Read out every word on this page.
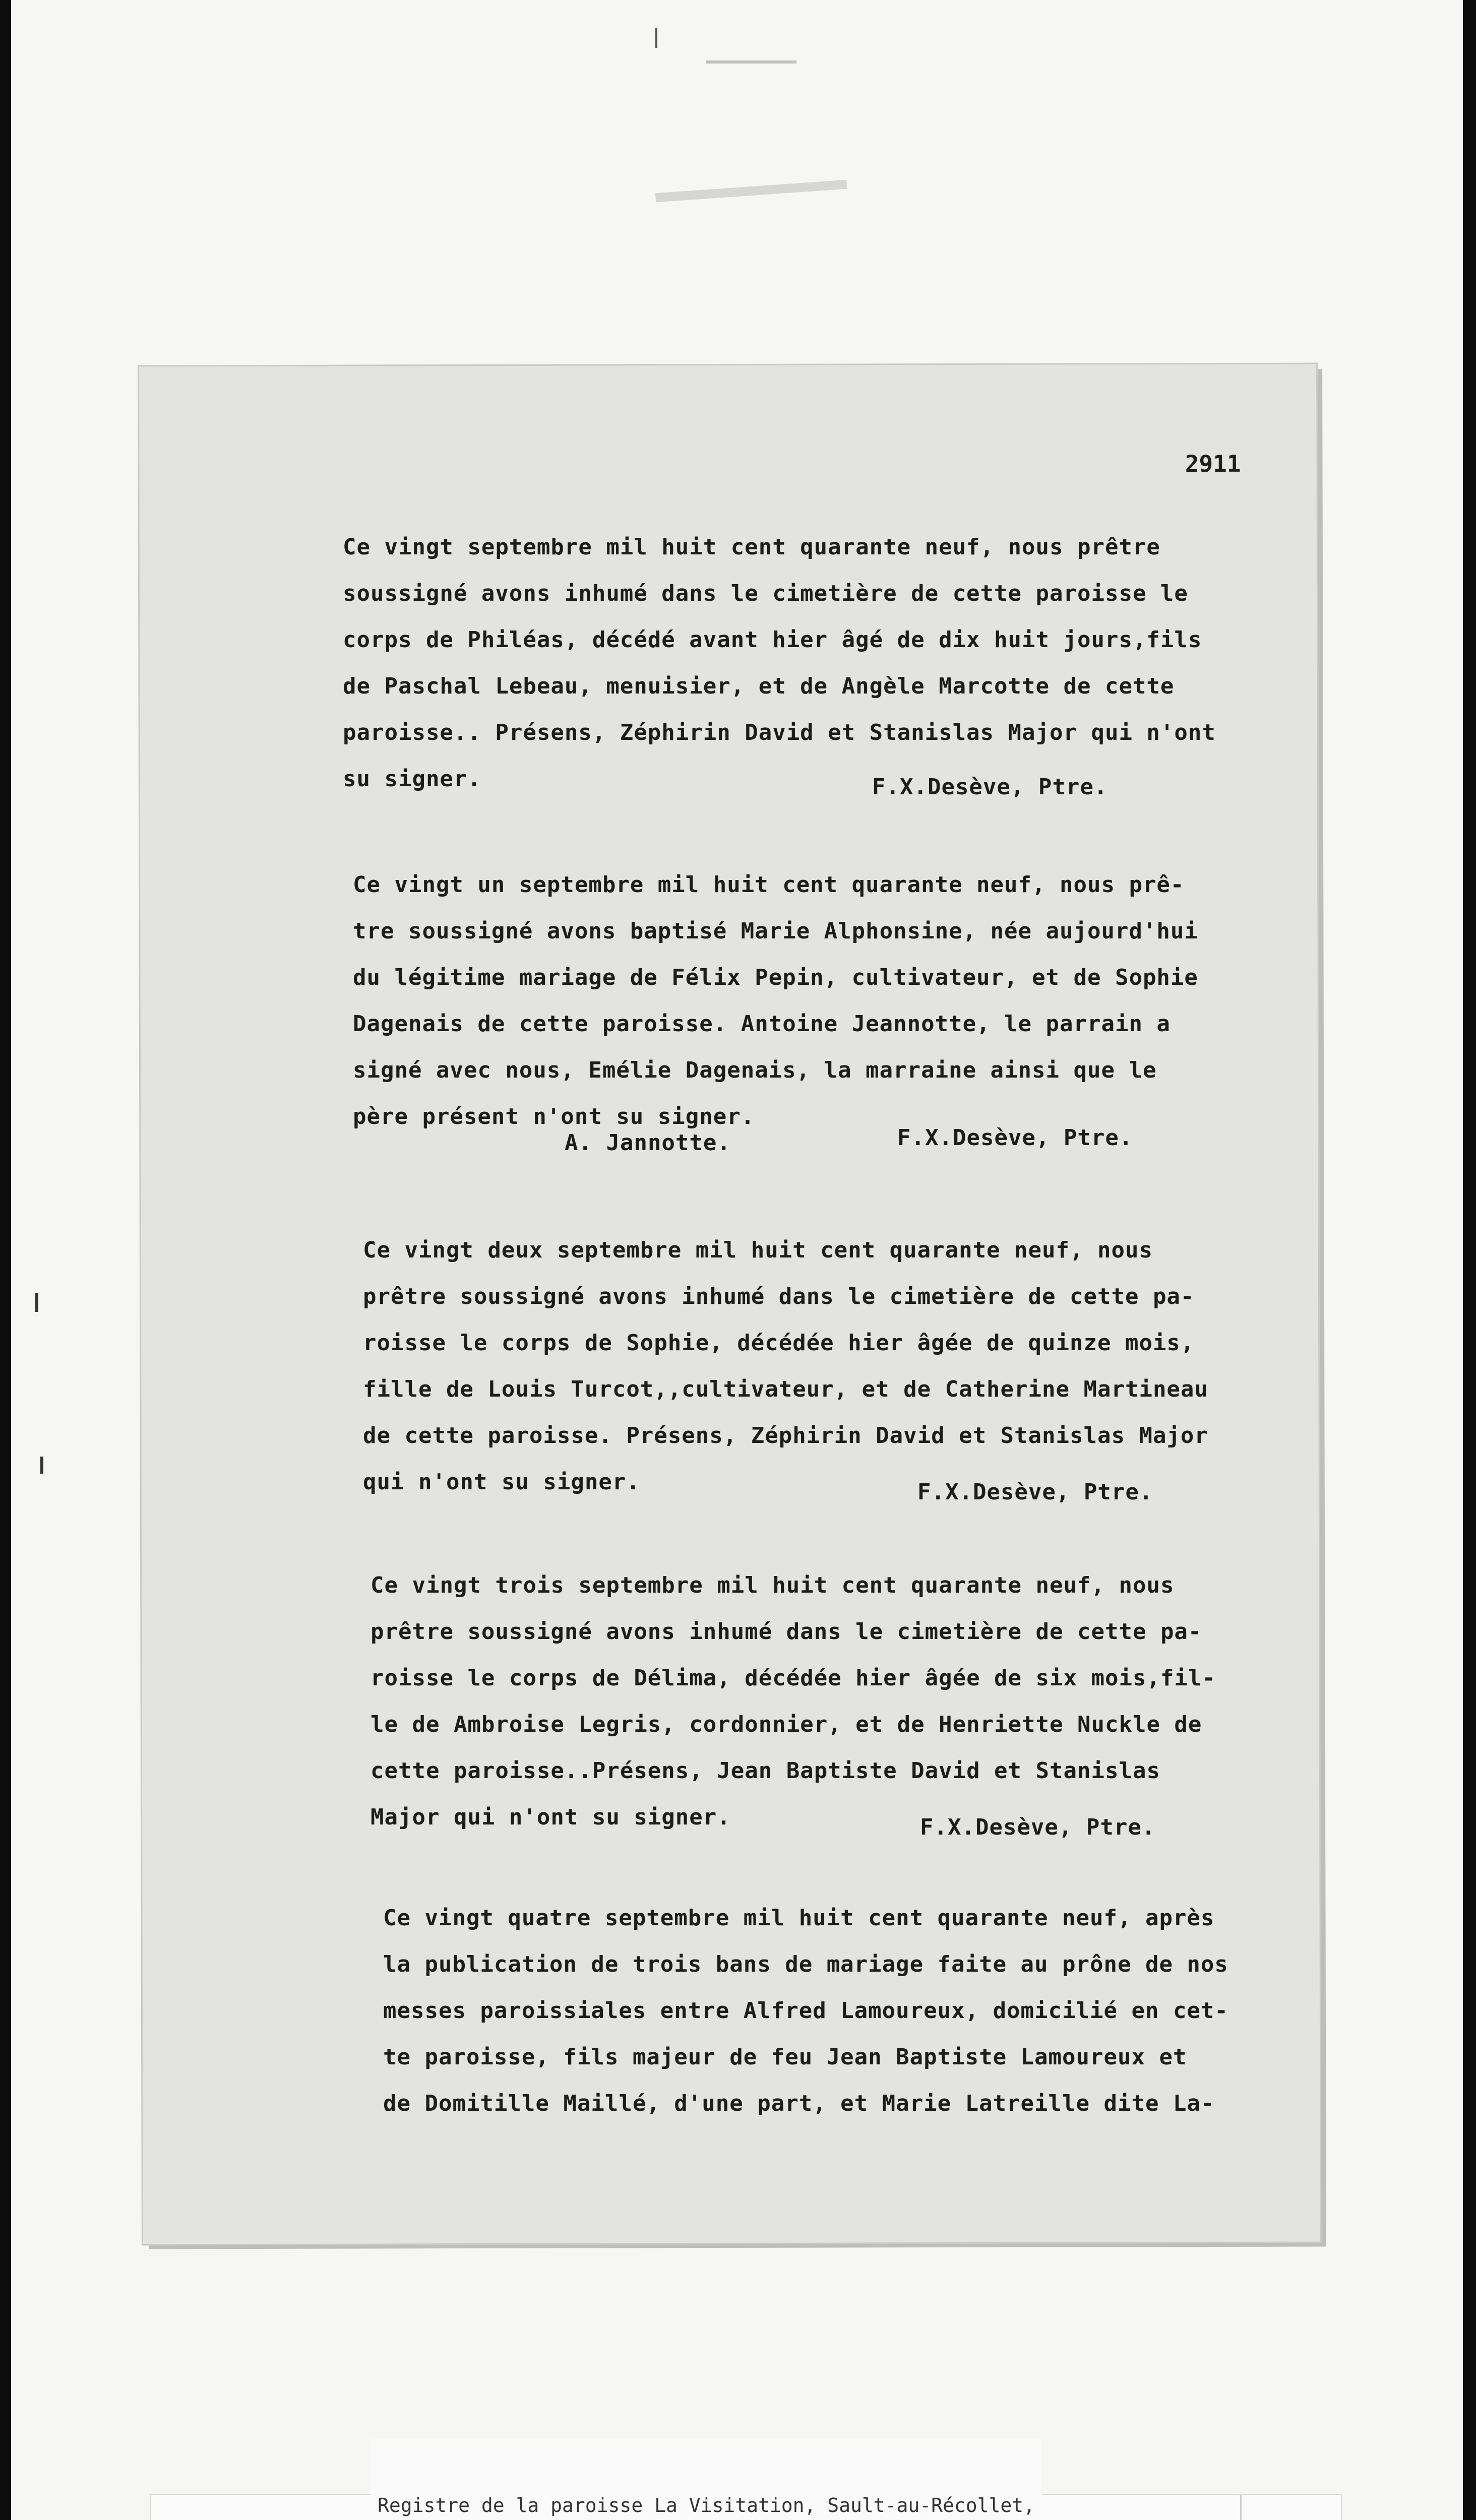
2911
Ce vingt septembre mil huit cent quarante neuf, nous prêtre
soussigné avons inhumé dans le cimetière de cette paroisse le
corps de Philéas, décédé avant hier âgé de dix huit jours,fils
de Paschal Lebeau, menuisier, et de Angèle Marcotte de cette
paroisse.. Présens, Zéphirin David et Stanislas Major qui n'ont
su signer.	F.X.Desève, Ptre.
Ce vingt un septembre mil huit cent quarante neuf, nous prê-
tre soussigné avons baptisé Marie Alphonsine, née aujourd'hui
du légitime mariage de Félix Pepin, cultivateur, et de Sophie
Dagenais de cette paroisse. Antoine Jeannotte, le parrain a
signé avec nous, Emélie Dagenais, la marraine ainsi que le
père présent n'ont su signer.
A. Jannotte.	F.X.Desève, Ptre.
Ce vingt deux septembre mil huit cent quarante neuf, nous
prêtre soussigné avons inhumé dans le cimetière de cette pa-
roisse le corps de Sophie, décédée hier âgée de quinze mois,
fille de Louis Turcot,,cultivateur, et de Catherine Martineau
de cette paroisse. Présens, Zéphirin David et Stanislas Major
qui n'ont su signer.	F.X.Desève, Ptre.
Ce vingt trois septembre mil huit cent quarante neuf, nous
prêtre soussigné avons inhumé dans le cimetière de cette pa-
roisse le corps de Délima, décédée hier âgée de six mois,fil-
le de Ambroise Legris, cordonnier, et de Henriette Nuckle de
cette paroisse..Présens, Jean Baptiste David et Stanislas
Major qui n'ont su signer.	F.X.Desève, Ptre.
Ce vingt quatre septembre mil huit cent quarante neuf, après
la publication de trois bans de mariage faite au prône de nos
messes paroissiales entre Alfred Lamoureux, domicilié en cet-
te paroisse, fils majeur de feu Jean Baptiste Lamoureux et
de Domitille Maillé, d'une part, et Marie Latreille dite La-

Registre de la paroisse La Visitation, Sault-au-Récollet,
